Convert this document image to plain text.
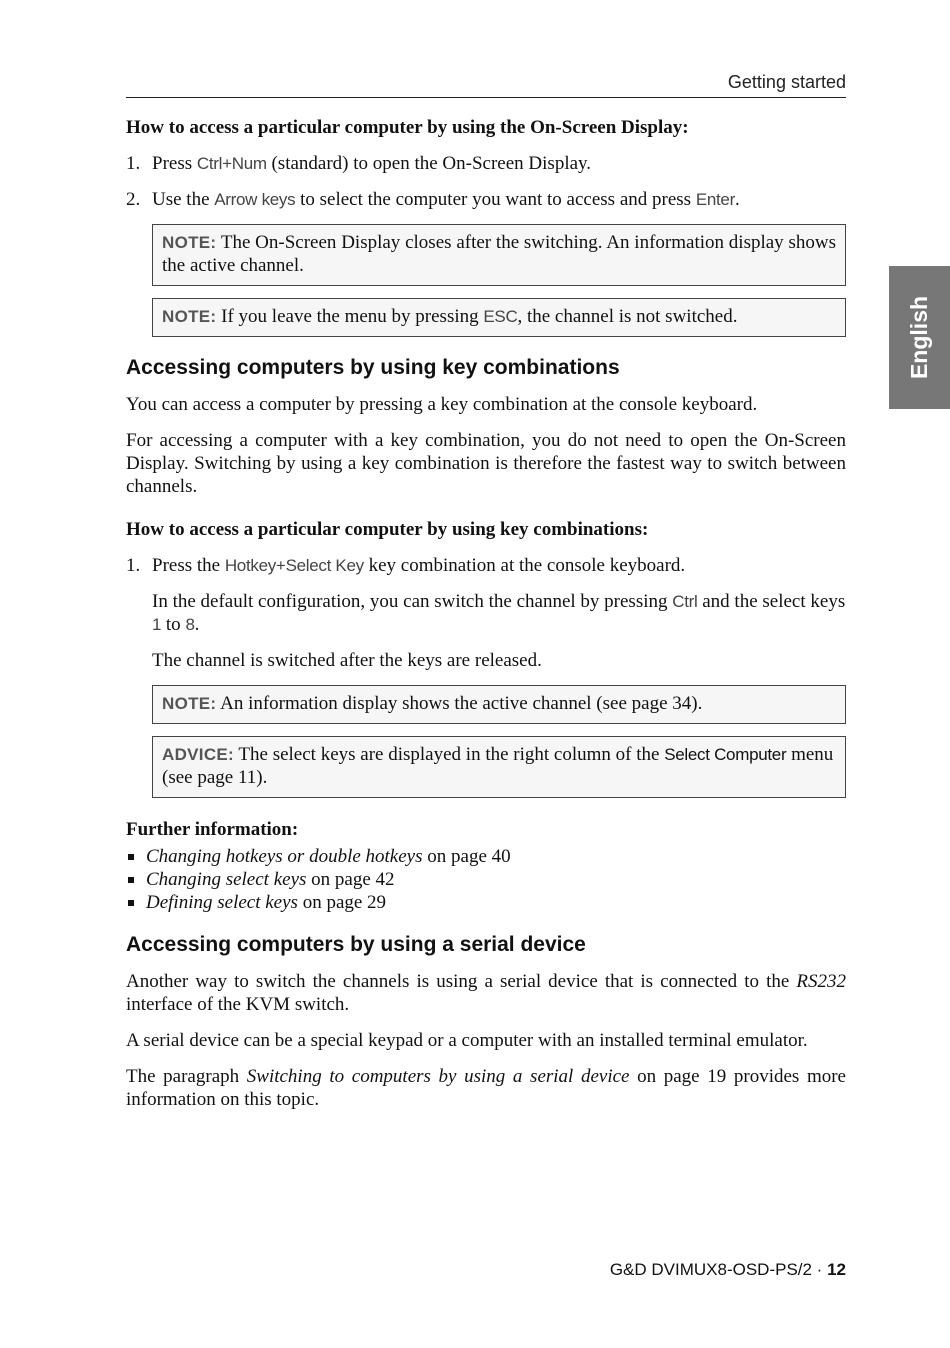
Getting started
English
How to access a particular computer by using the On-Screen Display:
1. Press Ctrl+Num (standard) to open the On-Screen Display.
2. Use the Arrow keys to select the computer you want to access and press Enter.
NOTE: The On-Screen Display closes after the switching. An information display shows the active channel.
NOTE: If you leave the menu by pressing ESC, the channel is not switched.
Accessing computers by using key combinations

You can access a computer by pressing a key combination at the console keyboard.

For accessing a computer with a key combination, you do not need to open the On-Screen Display. Switching by using a key combination is therefore the fastest way to switch between channels.

How to access a particular computer by using key combinations:
1. Press the Hotkey+Select Key key combination at the console keyboard.

In the default configuration, you can switch the channel by pressing Ctrl and the select keys 1 to 8.

The channel is switched after the keys are released.

NOTE: An information display shows the active channel (see page 34).
ADVICE: The select keys are displayed in the right column of the Select Computer menu (see page 11).
Further information:
Changing hotkeys or double hotkeys on page 40
Changing select keys on page 42
Defining select keys on page 29
Accessing computers by using a serial device

Another way to switch the channels is using a serial device that is connected to the RS232 interface of the KVM switch.

A serial device can be a special keypad or a computer with an installed terminal emulator.

The paragraph Switching to computers by using a serial device on page 19 provides more information on this topic.

G&D DVIMUX8-OSD-PS/2 · 12
